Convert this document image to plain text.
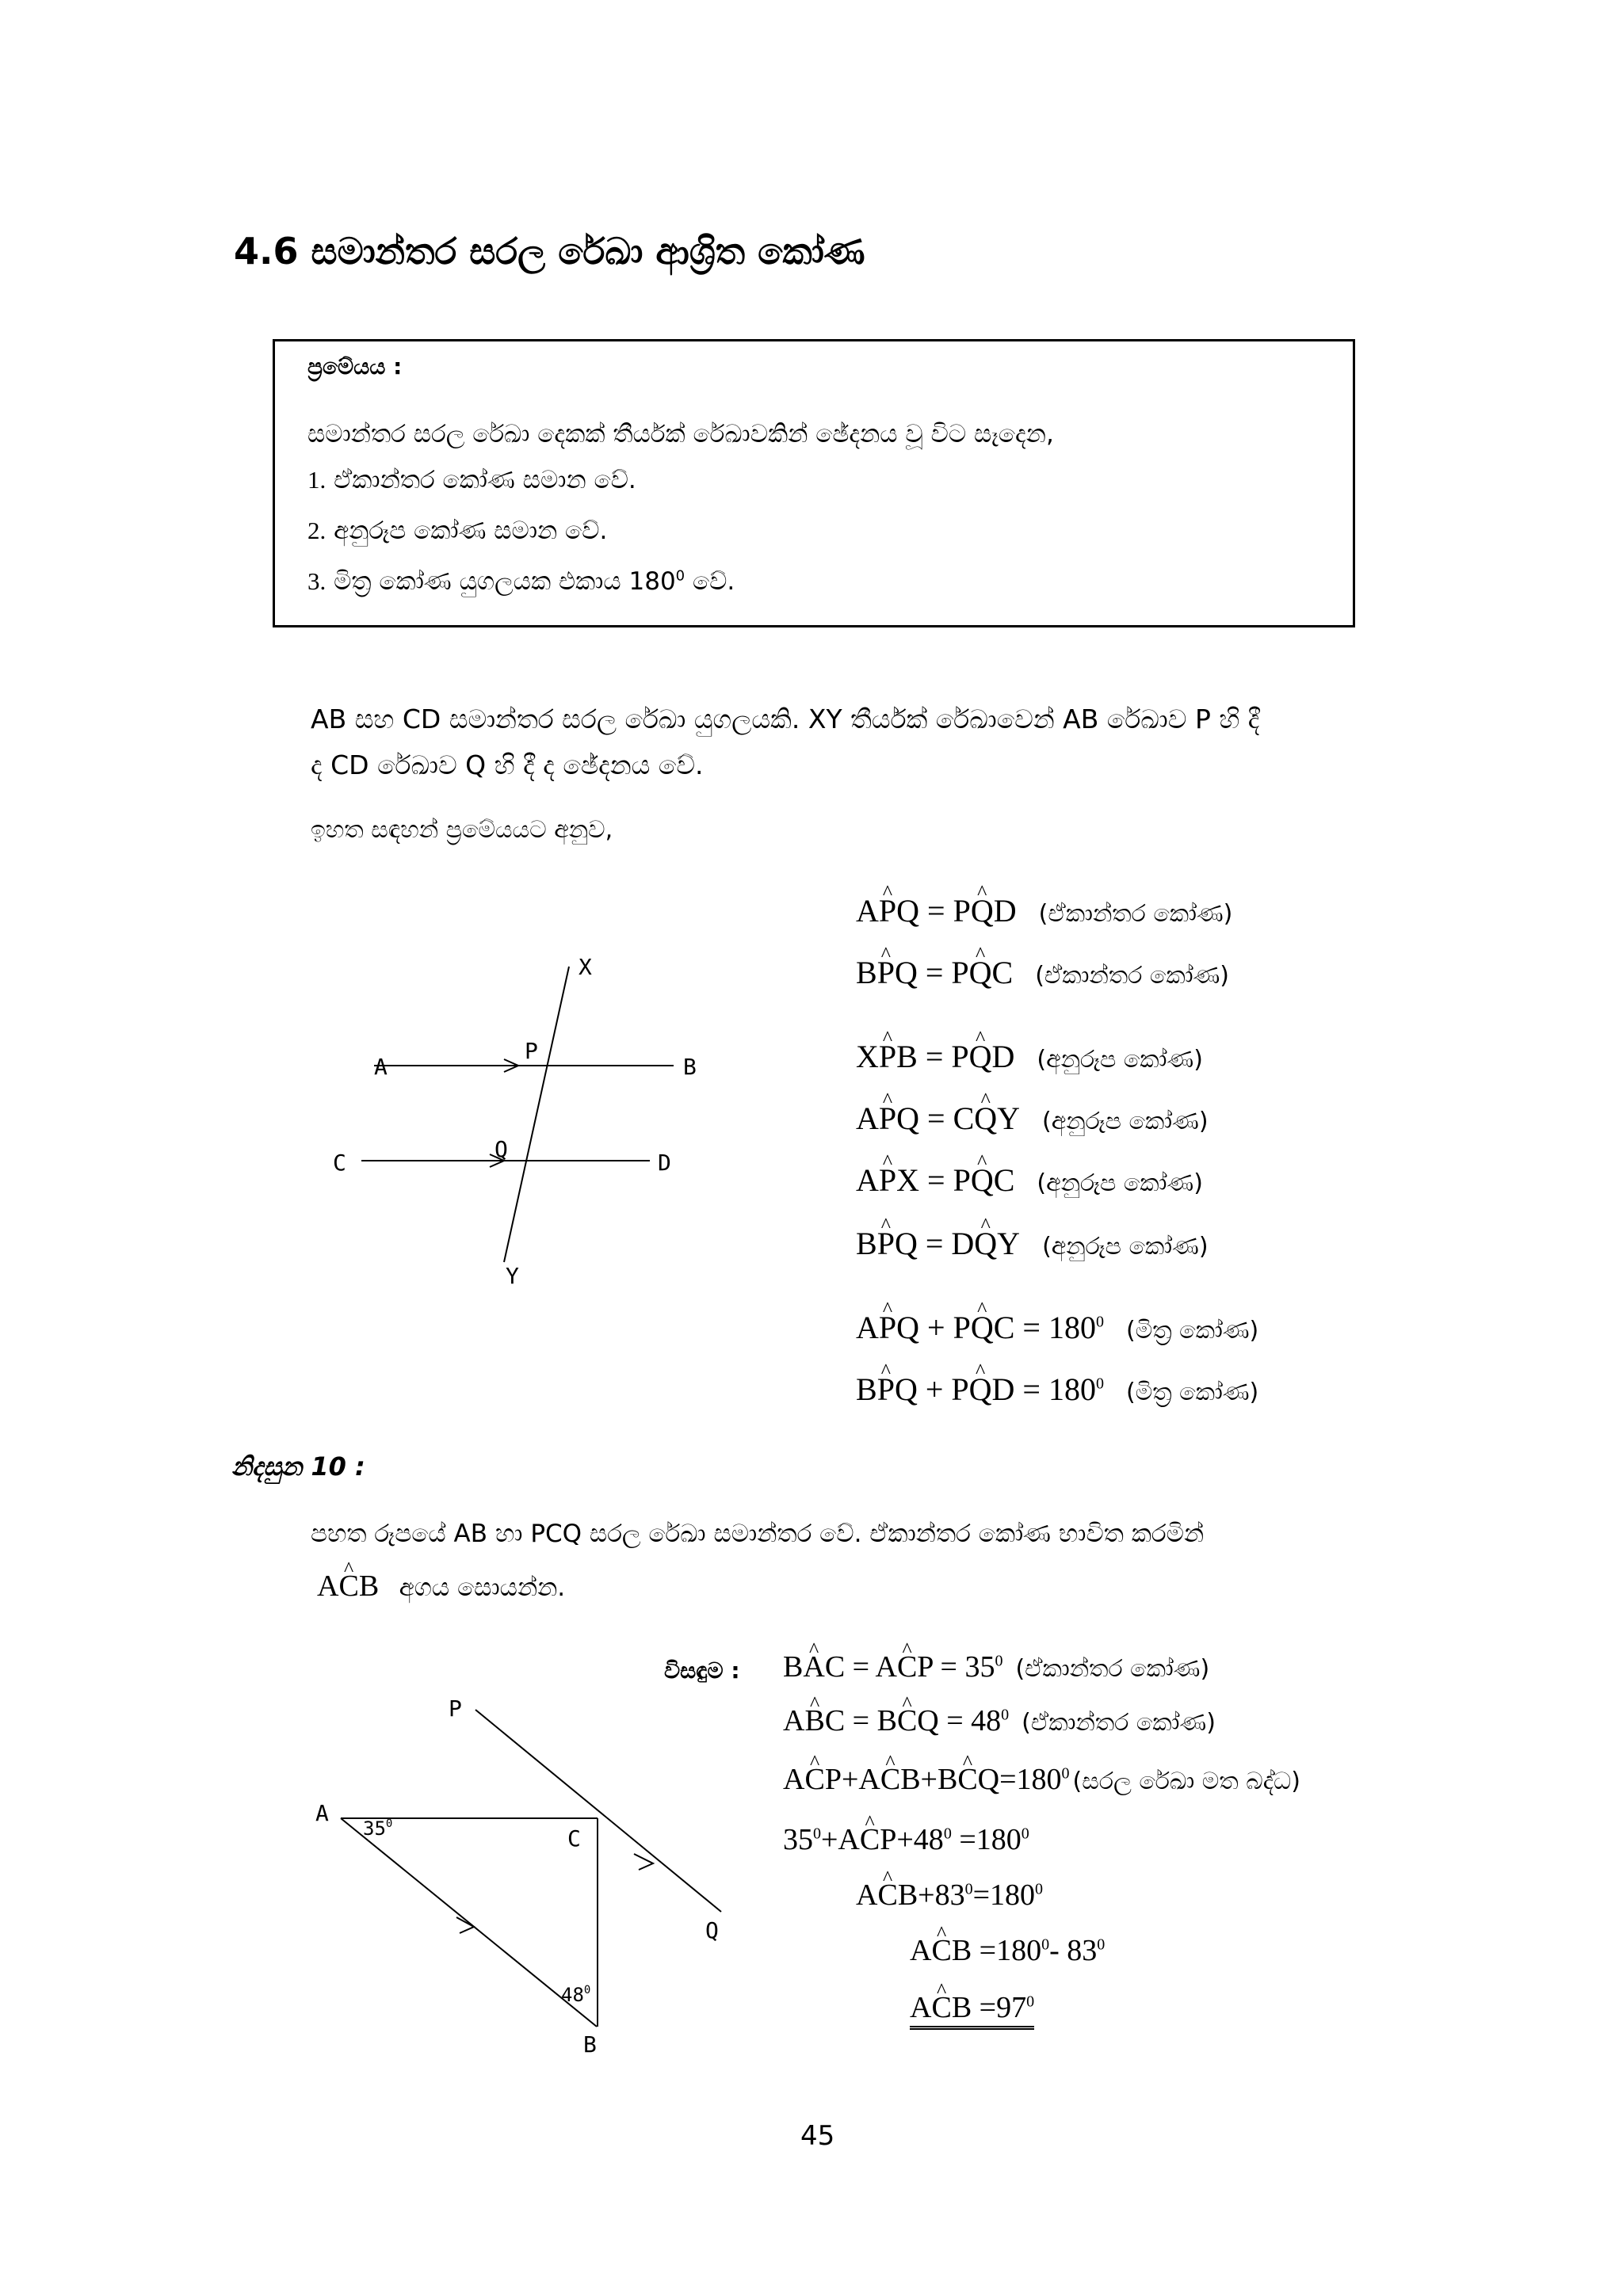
4.6 සමාන්තර සරල රේඛා ආශ්‍රිත කෝණ
ප්‍රමේයය :
සමාන්තර සරල රේඛා දෙකක් තීර්යක් රේඛාවකින් ඡේදනය වූ විට සෑදෙන,
1. ඒකාන්තර කෝණ සමාන වේ.
2. අනුරූප කෝණ සමාන වේ.
3. මිත්‍ර කෝණ යුගලයක එකාය $180^0$ වේ.
AB සහ CD සමාන්තර සරල රේඛා යුගලයකි. XY තීර්යක් රේඛාවෙන් AB රේඛාව P හි දී
ද CD රේඛාව Q හි දී ද ඡේදනය වේ.
ඉහත සඳහන් ප්‍රමේයයට අනුව,
X
P
A	B
C
Q
D
Y
AP ^Q = PQ ^D (ඒකාන්තර කෝණ)
BP ^Q = PQ ^C (ඒකාන්තර කෝණ)
XP ^B = PQ ^D (අනුරූප කෝණ)
AP ^Q = CQ ^Y (අනුරූප කෝණ)
AP ^X = PQ ^C (අනුරූප කෝණ)
BP ^Q = DQ ^Y (අනුරූප කෝණ)
AP ^Q + PQ ^C = $180^0$ (මිත්‍ර කෝණ)
BP ^Q + PQ ^D = $180^0$ (මිත්‍ර කෝණ)
නිදසුන 10 :
පහත රූපයේ AB හා PCQ සරල රේඛා සමාන්තර වේ. ඒකාන්තර කෝණ භාවිත කරමින්
AC ^B අගය සොයන්න.
P
A
$35^0$
C
Q
$48^0$
B
විසඳුම : BA ^C = AC ^P = $35^0$ (ඒකාන්තර කෝණ)
AB ^C = BC ^Q = $48^0$ (ඒකාන්තර කෝණ)
AC ^P+AC ^B+BC $\^{}Q=180^0$ (සරල රේඛා මත බද්ධ)
$35^0+AC$ $\^{}P+48^0 =180^0$
AC $\^{}B+83^0=180^0$
AC ^B $=180^0-$ $83^0$
AC ^B $=97^0$
45
